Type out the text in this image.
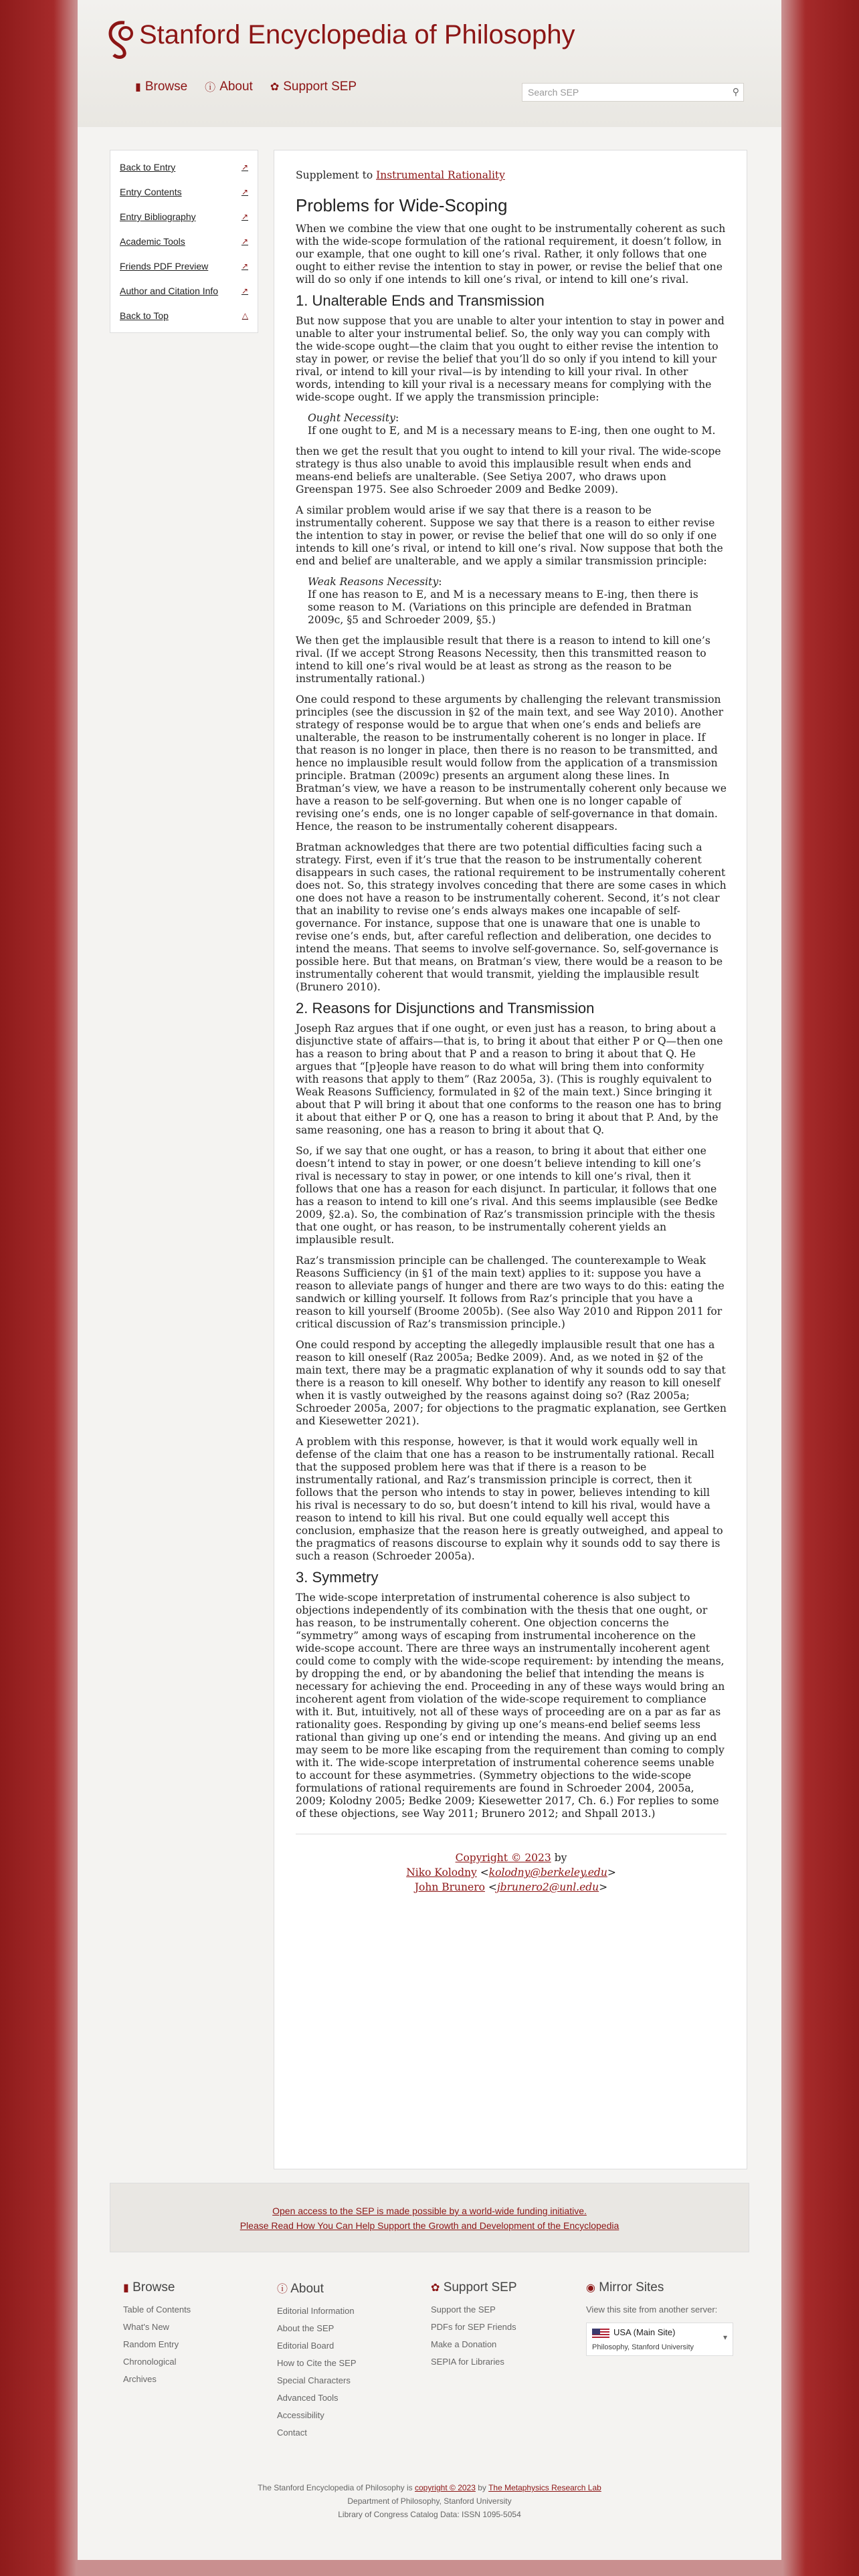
Stanford Encyclopedia of Philosophy
▮ Browse ⓘ About ✿ Support SEP	Search SEP	⚲
Back to Entry	↗
Entry Contents	↗
Entry Bibliography	↗
Academic Tools	↗
Friends PDF Preview	↗
Author and Citation Info	↗
Back to Top	△
Supplement to Instrumental Rationality
Problems for Wide-Scoping

When we combine the view that one ought to be instrumentally coherent as such with the wide-scope formulation of the rational requirement, it doesn’t follow, in our example, that one ought to kill one’s rival. Rather, it only follows that one ought to either revise the intention to stay in power, or revise the belief that one will do so only if one intends to kill one’s rival, or intend to kill one’s rival.

1. Unalterable Ends and Transmission

But now suppose that you are unable to alter your intention to stay in power and unable to alter your instrumental belief. So, the only way you can comply with the wide-scope ought—the claim that you ought to either revise the intention to stay in power, or revise the belief that you’ll do so only if you intend to kill your rival, or intend to kill your rival—is by intending to kill your rival. In other words, intending to kill your rival is a necessary means for complying with the wide-scope ought. If we apply the transmission principle:

Ought Necessity:
If one ought to E, and M is a necessary means to E-ing, then one ought to M.

then we get the result that you ought to intend to kill your rival. The wide-scope strategy is thus also unable to avoid this implausible result when ends and means-end beliefs are unalterable. (See Setiya 2007, who draws upon Greenspan 1975. See also Schroeder 2009 and Bedke 2009).

A similar problem would arise if we say that there is a reason to be instrumentally coherent. Suppose we say that there is a reason to either revise the intention to stay in power, or revise the belief that one will do so only if one intends to kill one’s rival, or intend to kill one’s rival. Now suppose that both the end and belief are unalterable, and we apply a similar transmission principle:

Weak Reasons Necessity:
If one has reason to E, and M is a necessary means to E-ing, then there is some reason to M. (Variations on this principle are defended in Bratman 2009c, §5 and Schroeder 2009, §5.)

We then get the implausible result that there is a reason to intend to kill one’s rival. (If we accept Strong Reasons Necessity, then this transmitted reason to intend to kill one’s rival would be at least as strong as the reason to be instrumentally rational.)

One could respond to these arguments by challenging the relevant transmission principles (see the discussion in §2 of the main text, and see Way 2010). Another strategy of response would be to argue that when one’s ends and beliefs are unalterable, the reason to be instrumentally coherent is no longer in place. If that reason is no longer in place, then there is no reason to be transmitted, and hence no implausible result would follow from the application of a transmission principle. Bratman (2009c) presents an argument along these lines. In Bratman’s view, we have a reason to be instrumentally coherent only because we have a reason to be self-governing. But when one is no longer capable of revising one’s ends, one is no longer capable of self-governance in that domain. Hence, the reason to be instrumentally coherent disappears.

Bratman acknowledges that there are two potential difficulties facing such a strategy. First, even if it’s true that the reason to be instrumentally coherent disappears in such cases, the rational requirement to be instrumentally coherent does not. So, this strategy involves conceding that there are some cases in which one does not have a reason to be instrumentally coherent. Second, it’s not clear that an inability to revise one’s ends always makes one incapable of self-governance. For instance, suppose that one is unaware that one is unable to revise one’s ends, but, after careful reflection and deliberation, one decides to intend the means. That seems to involve self-governance. So, self-governance is possible here. But that means, on Bratman’s view, there would be a reason to be instrumentally coherent that would transmit, yielding the implausible result (Brunero 2010).

2. Reasons for Disjunctions and Transmission

Joseph Raz argues that if one ought, or even just has a reason, to bring about a disjunctive state of affairs—that is, to bring it about that either P or Q—then one has a reason to bring about that P and a reason to bring it about that Q. He argues that “[p]eople have reason to do what will bring them into conformity with reasons that apply to them” (Raz 2005a, 3). (This is roughly equivalent to Weak Reasons Sufficiency, formulated in §2 of the main text.) Since bringing it about that P will bring it about that one conforms to the reason one has to bring it about that either P or Q, one has a reason to bring it about that P. And, by the same reasoning, one has a reason to bring it about that Q.

So, if we say that one ought, or has a reason, to bring it about that either one doesn’t intend to stay in power, or one doesn’t believe intending to kill one’s rival is necessary to stay in power, or one intends to kill one’s rival, then it follows that one has a reason for each disjunct. In particular, it follows that one has a reason to intend to kill one’s rival. And this seems implausible (see Bedke 2009, §2.a). So, the combination of Raz’s transmission principle with the thesis that one ought, or has reason, to be instrumentally coherent yields an implausible result.

Raz’s transmission principle can be challenged. The counterexample to Weak Reasons Sufficiency (in §1 of the main text) applies to it: suppose you have a reason to alleviate pangs of hunger and there are two ways to do this: eating the sandwich or killing yourself. It follows from Raz’s principle that you have a reason to kill yourself (Broome 2005b). (See also Way 2010 and Rippon 2011 for critical discussion of Raz’s transmission principle.)

One could respond by accepting the allegedly implausible result that one has a reason to kill oneself (Raz 2005a; Bedke 2009). And, as we noted in §2 of the main text, there may be a pragmatic explanation of why it sounds odd to say that there is a reason to kill oneself. Why bother to identify any reason to kill oneself when it is vastly outweighed by the reasons against doing so? (Raz 2005a; Schroeder 2005a, 2007; for objections to the pragmatic explanation, see Gertken and Kiesewetter 2021).

A problem with this response, however, is that it would work equally well in defense of the claim that one has a reason to be instrumentally rational. Recall that the supposed problem here was that if there is a reason to be instrumentally rational, and Raz’s transmission principle is correct, then it follows that the person who intends to stay in power, believes intending to kill his rival is necessary to do so, but doesn’t intend to kill his rival, would have a reason to intend to kill his rival. But one could equally well accept this conclusion, emphasize that the reason here is greatly outweighed, and appeal to the pragmatics of reasons discourse to explain why it sounds odd to say there is such a reason (Schroeder 2005a).

3. Symmetry

The wide-scope interpretation of instrumental coherence is also subject to objections independently of its combination with the thesis that one ought, or has reason, to be instrumentally coherent. One objection concerns the “symmetry” among ways of escaping from instrumental incoherence on the wide-scope account. There are three ways an instrumentally incoherent agent could come to comply with the wide-scope requirement: by intending the means, by dropping the end, or by abandoning the belief that intending the means is necessary for achieving the end. Proceeding in any of these ways would bring an incoherent agent from violation of the wide-scope requirement to compliance with it. But, intuitively, not all of these ways of proceeding are on a par as far as rationality goes. Responding by giving up one’s means-end belief seems less rational than giving up one’s end or intending the means. And giving up an end may seem to be more like escaping from the requirement than coming to comply with it. The wide-scope interpretation of instrumental coherence seems unable to account for these asymmetries. (Symmetry objections to the wide-scope formulations of rational requirements are found in Schroeder 2004, 2005a, 2009; Kolodny 2005; Bedke 2009; Kiesewetter 2017, Ch. 6.) For replies to some of these objections, see Way 2011; Brunero 2012; and Shpall 2013.)

Copyright © 2023 by
Niko Kolodny <kolodny@berkeley.edu>
John Brunero <jbrunero2@unl.edu>
Open access to the SEP is made possible by a world-wide funding initiative.
Please Read How You Can Help Support the Growth and Development of the Encyclopedia
▮ Browse
Table of Contents
What's New
Random Entry
Chronological
Archives
ⓘ About
Editorial Information
About the SEP
Editorial Board
How to Cite the SEP
Special Characters
Advanced Tools
Accessibility
Contact
✿ Support SEP
Support the SEP
PDFs for SEP Friends
Make a Donation
SEPIA for Libraries
◉ Mirror Sites
View this site from another server:
USA (Main Site)
Philosophy, Stanford University
▾
The Stanford Encyclopedia of Philosophy is copyright © 2023 by The Metaphysics Research Lab
Department of Philosophy, Stanford University
Library of Congress Catalog Data: ISSN 1095-5054
